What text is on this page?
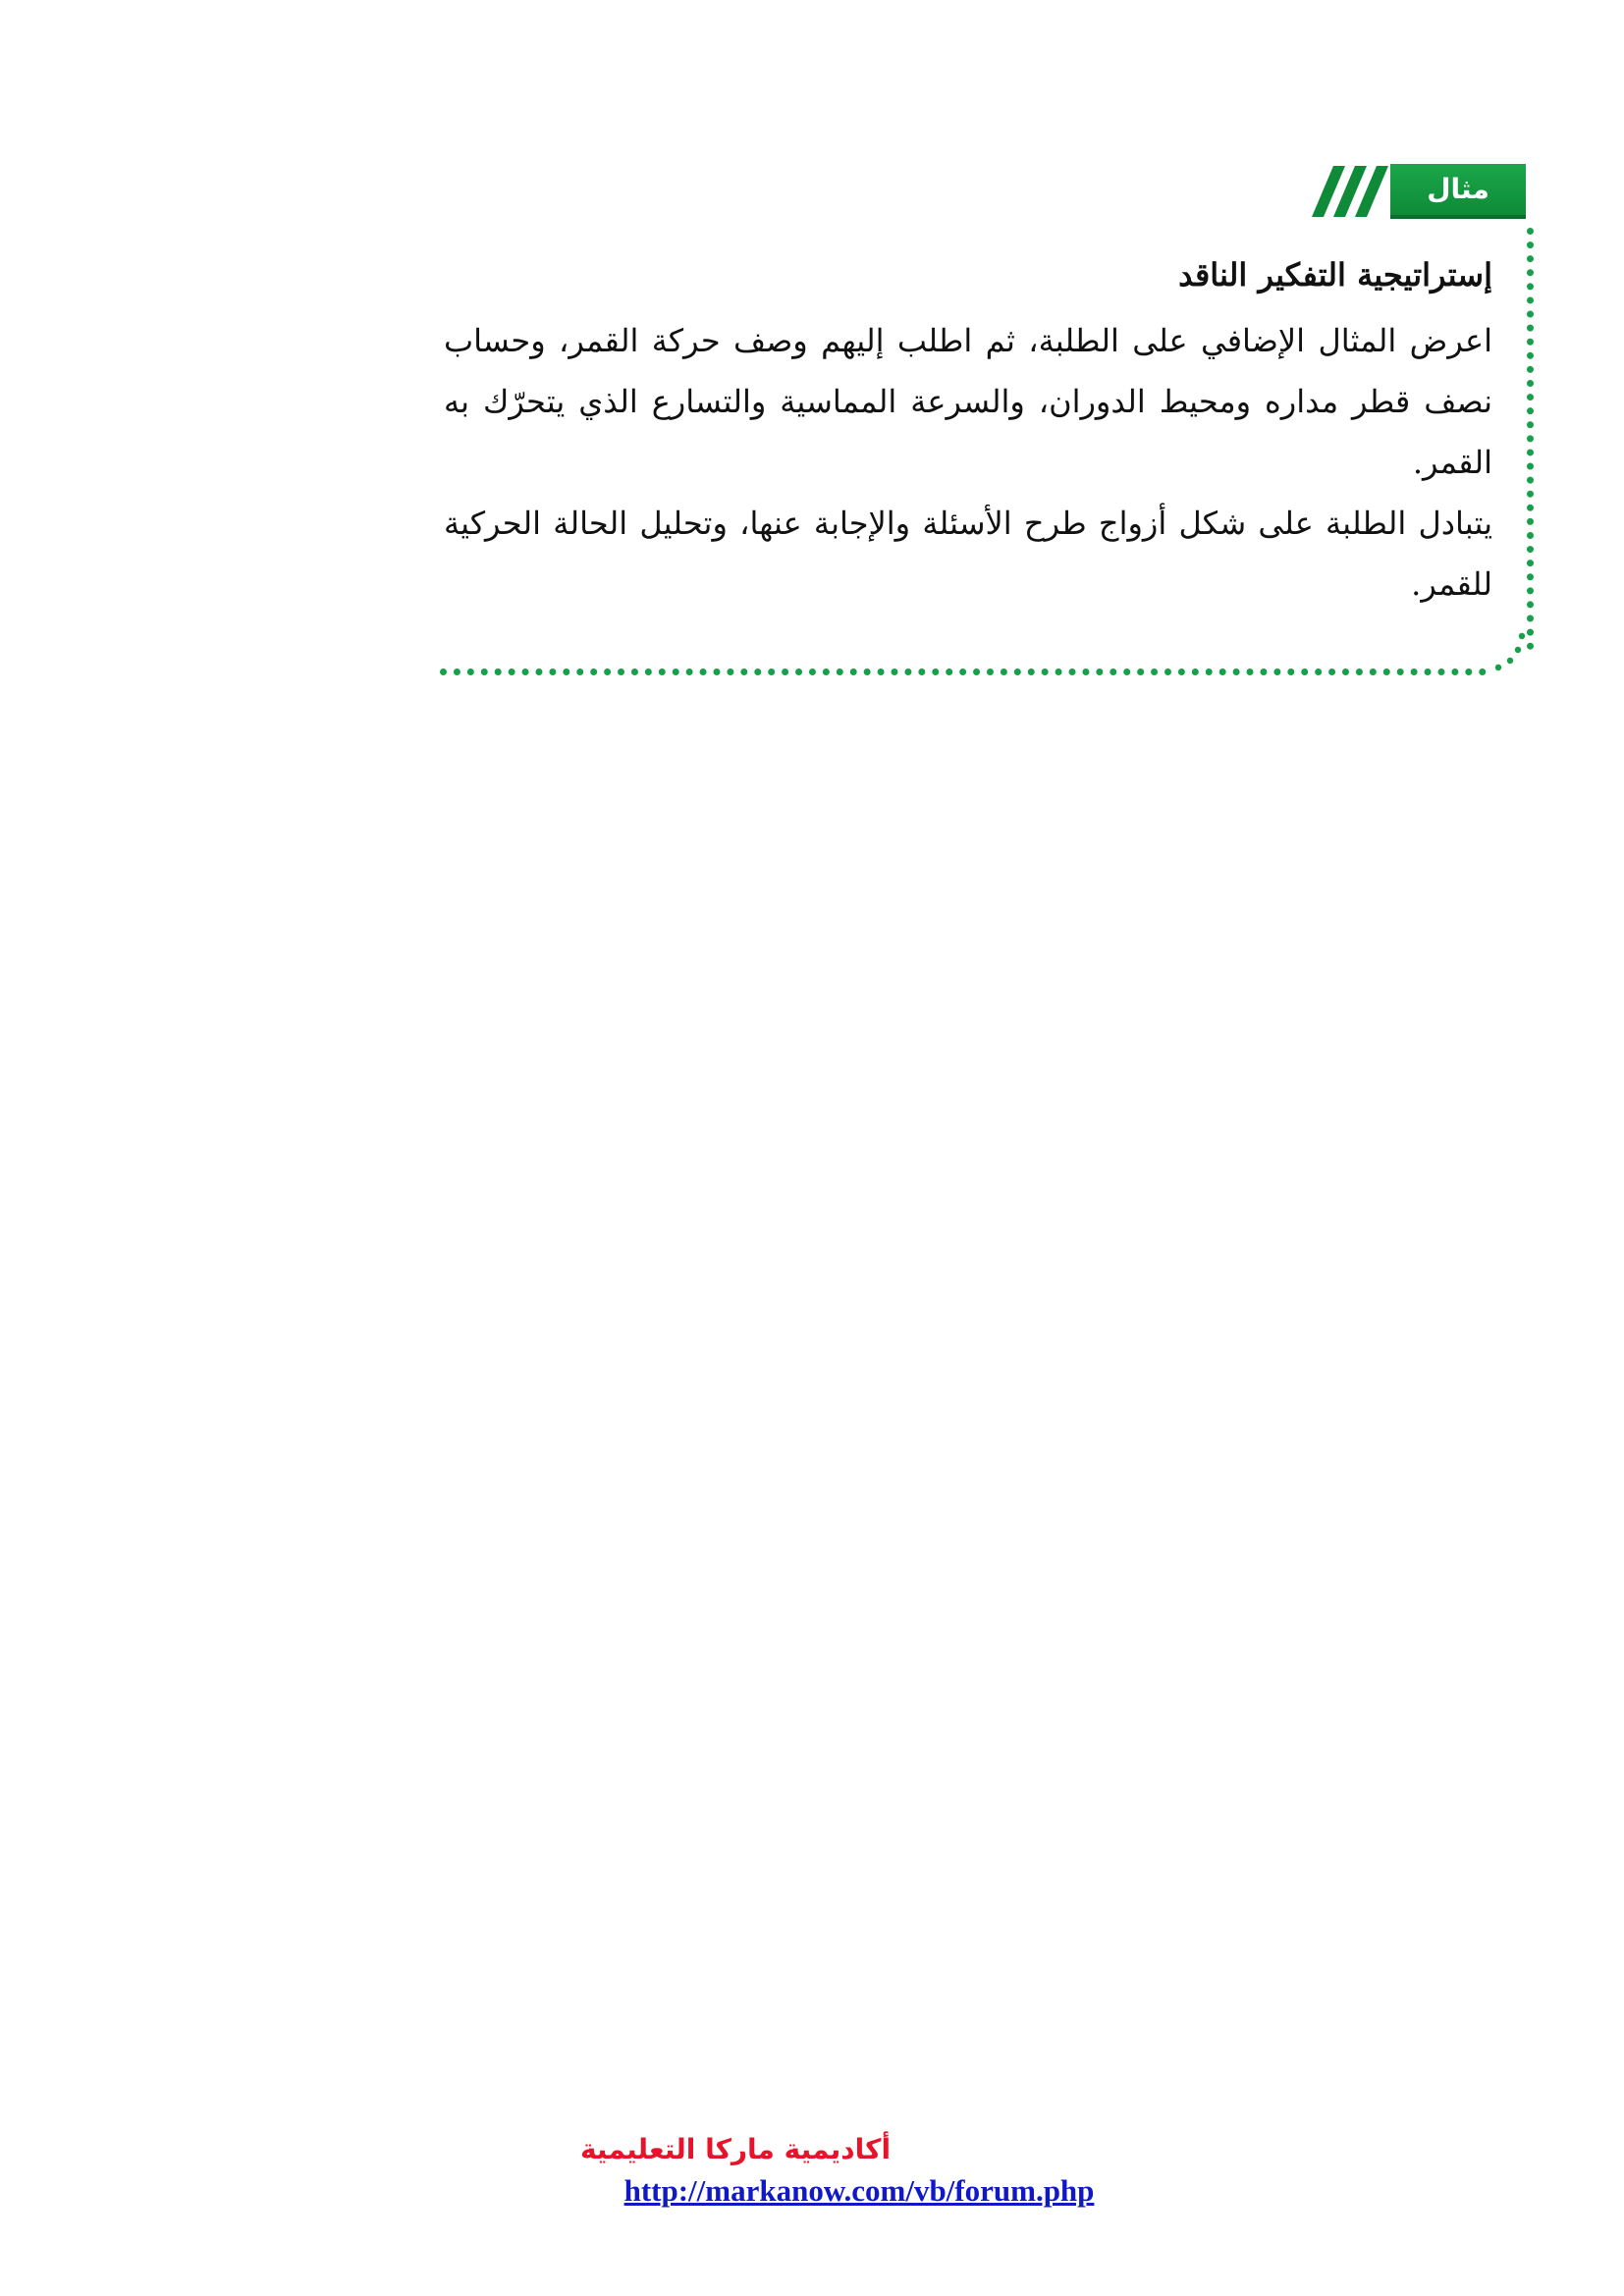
مثال إضافي
إستراتيجية التفكير الناقد

اعرض المثال الإضافي على الطلبة، ثم اطلب إليهم وصف حركة القمر، وحساب نصف قطر مداره ومحيط الدوران، والسرعة المماسية والتسارع الذي يتحرّك به القمر.

يتبادل الطلبة على شكل أزواج طرح الأسئلة والإجابة عنها، وتحليل الحالة الحركية للقمر.

أكاديمية ماركا التعليمية
http://markanow.com/vb/forum.php
